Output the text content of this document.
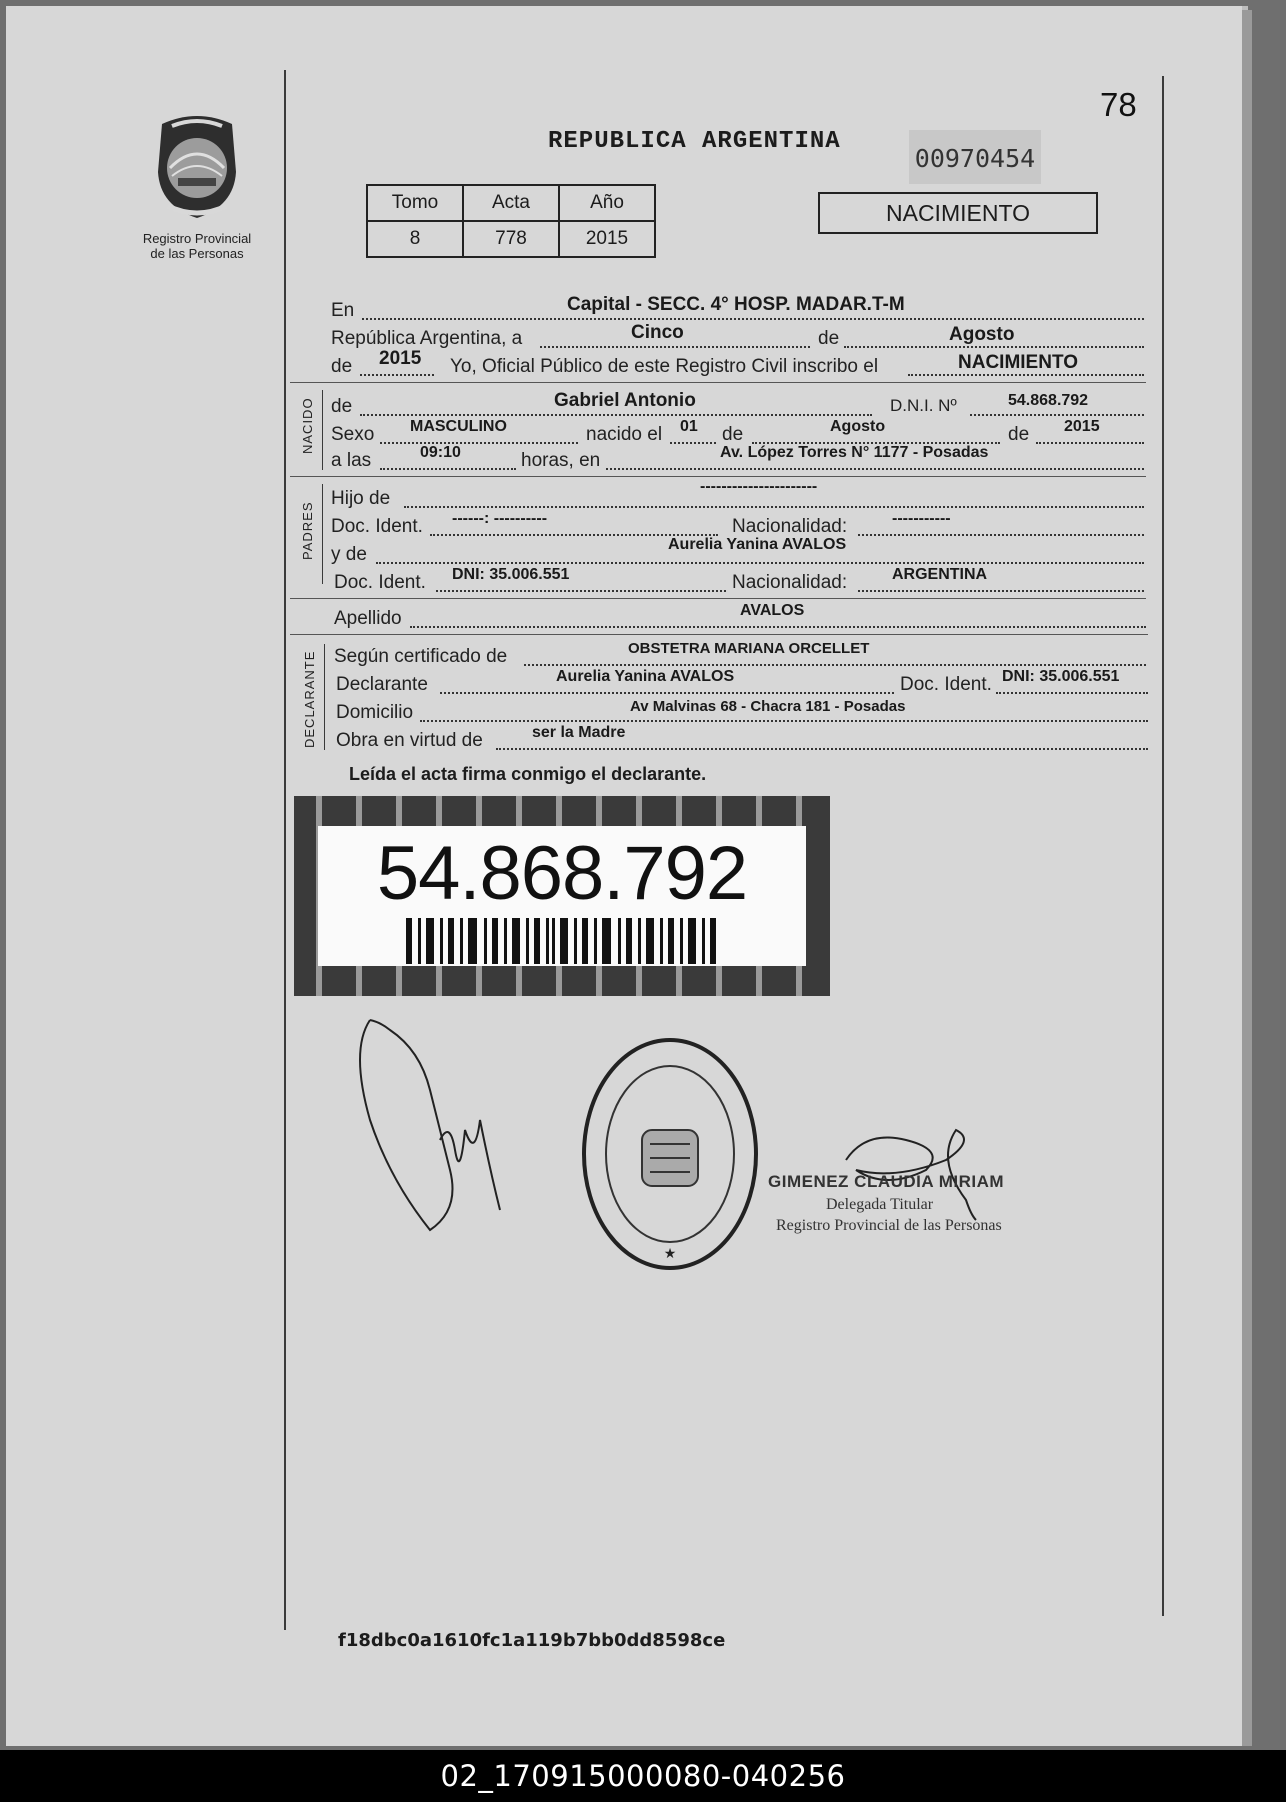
Registro Provincial
de las Personas
78
REPUBLICA ARGENTINA
00970454
Tomo	Acta	Año
8	778	2015
NACIMIENTO
En	Capital - SECC. 4° HOSP. MADAR.T-M
República Argentina, a	Cinco	de	Agosto
de 2015 Yo, Oficial Público de este Registro Civil inscribo el	NACIMIENTO
NACIDO de	Gabriel Antonio	D.N.I. Nº	54.868.792
Sexo MASCULINO	nacido el 01 de	Agosto	de 2015
a las	09:10	horas, en	Av. López Torres N° 1177 - Posadas
PADRES
Hijo de
----------------------
Doc. Ident. ------: ----------	Nacionalidad:	-----------
y de	Aurelia Yanina AVALOS
Doc. Ident. DNI: 35.006.551	Nacionalidad:	ARGENTINA
Apellido	AVALOS
DECLARANTE Según certificado de	OBSTETRA MARIANA ORCELLET
Declarante	Aurelia Yanina AVALOS	Doc. Ident. DNI: 35.006.551
Domicilio	Av Malvinas 68 - Chacra 181 - Posadas
Obra en virtud de	ser la Madre
Leída el acta firma conmigo el declarante.
54.868.792
★
GIMENEZ CLAUDIA MIRIAM
Delegada Titular
Registro Provincial de las Personas
f18dbc0a1610fc1a119b7bb0dd8598ce
02_170915000080-040256
